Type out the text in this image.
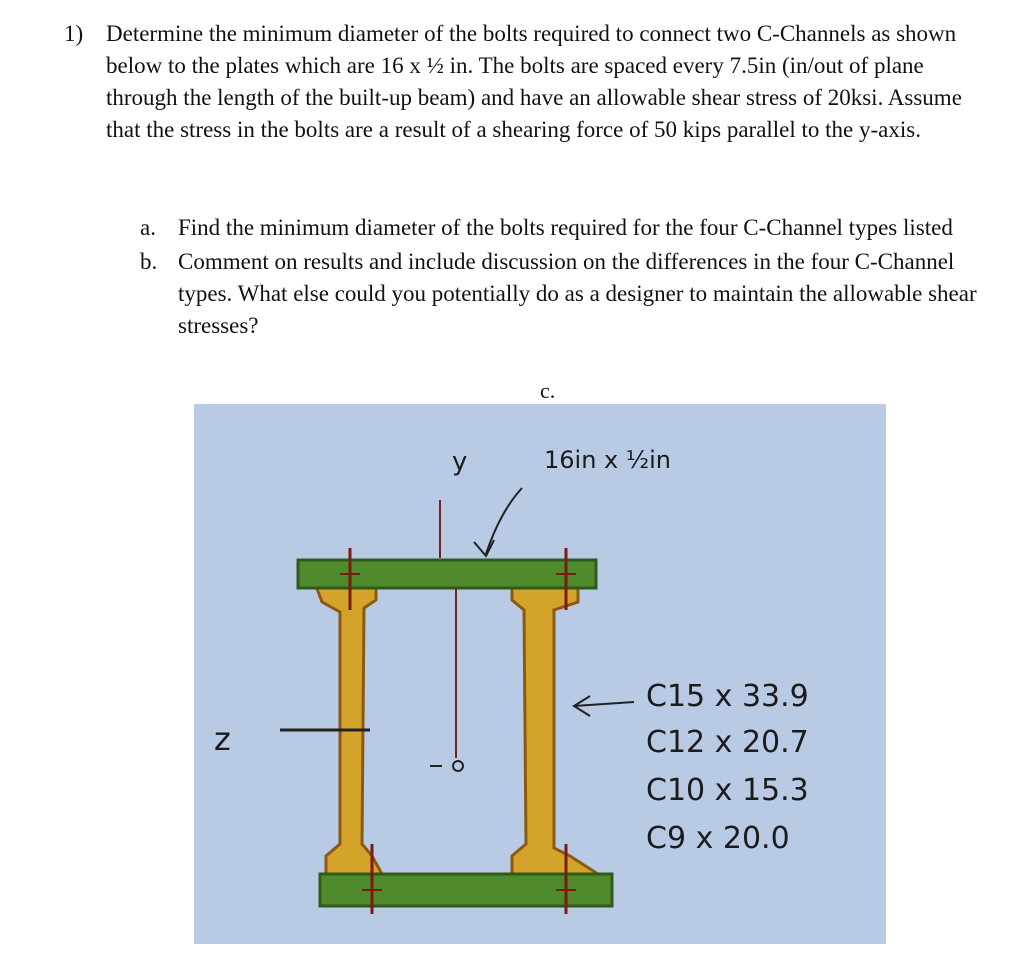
1) Determine the minimum diameter of the bolts required to connect two C-Channels as shown below to the plates which are 16 x ½ in. The bolts are spaced every 7.5in (in/out of plane through the length of the built-up beam) and have an allowable shear stress of 20ksi. Assume that the stress in the bolts are a result of a shearing force of 50 kips parallel to the y-axis.
a. Find the minimum diameter of the bolts required for the four C-Channel types listed
b. Comment on results and include discussion on the differences in the four C-Channel types. What else could you potentially do as a designer to maintain the allowable shear stresses?
c.
y
z
16in x ½in
C15 x 33.9
C12 x 20.7
C10 x 15.3
C9 x 20.0
